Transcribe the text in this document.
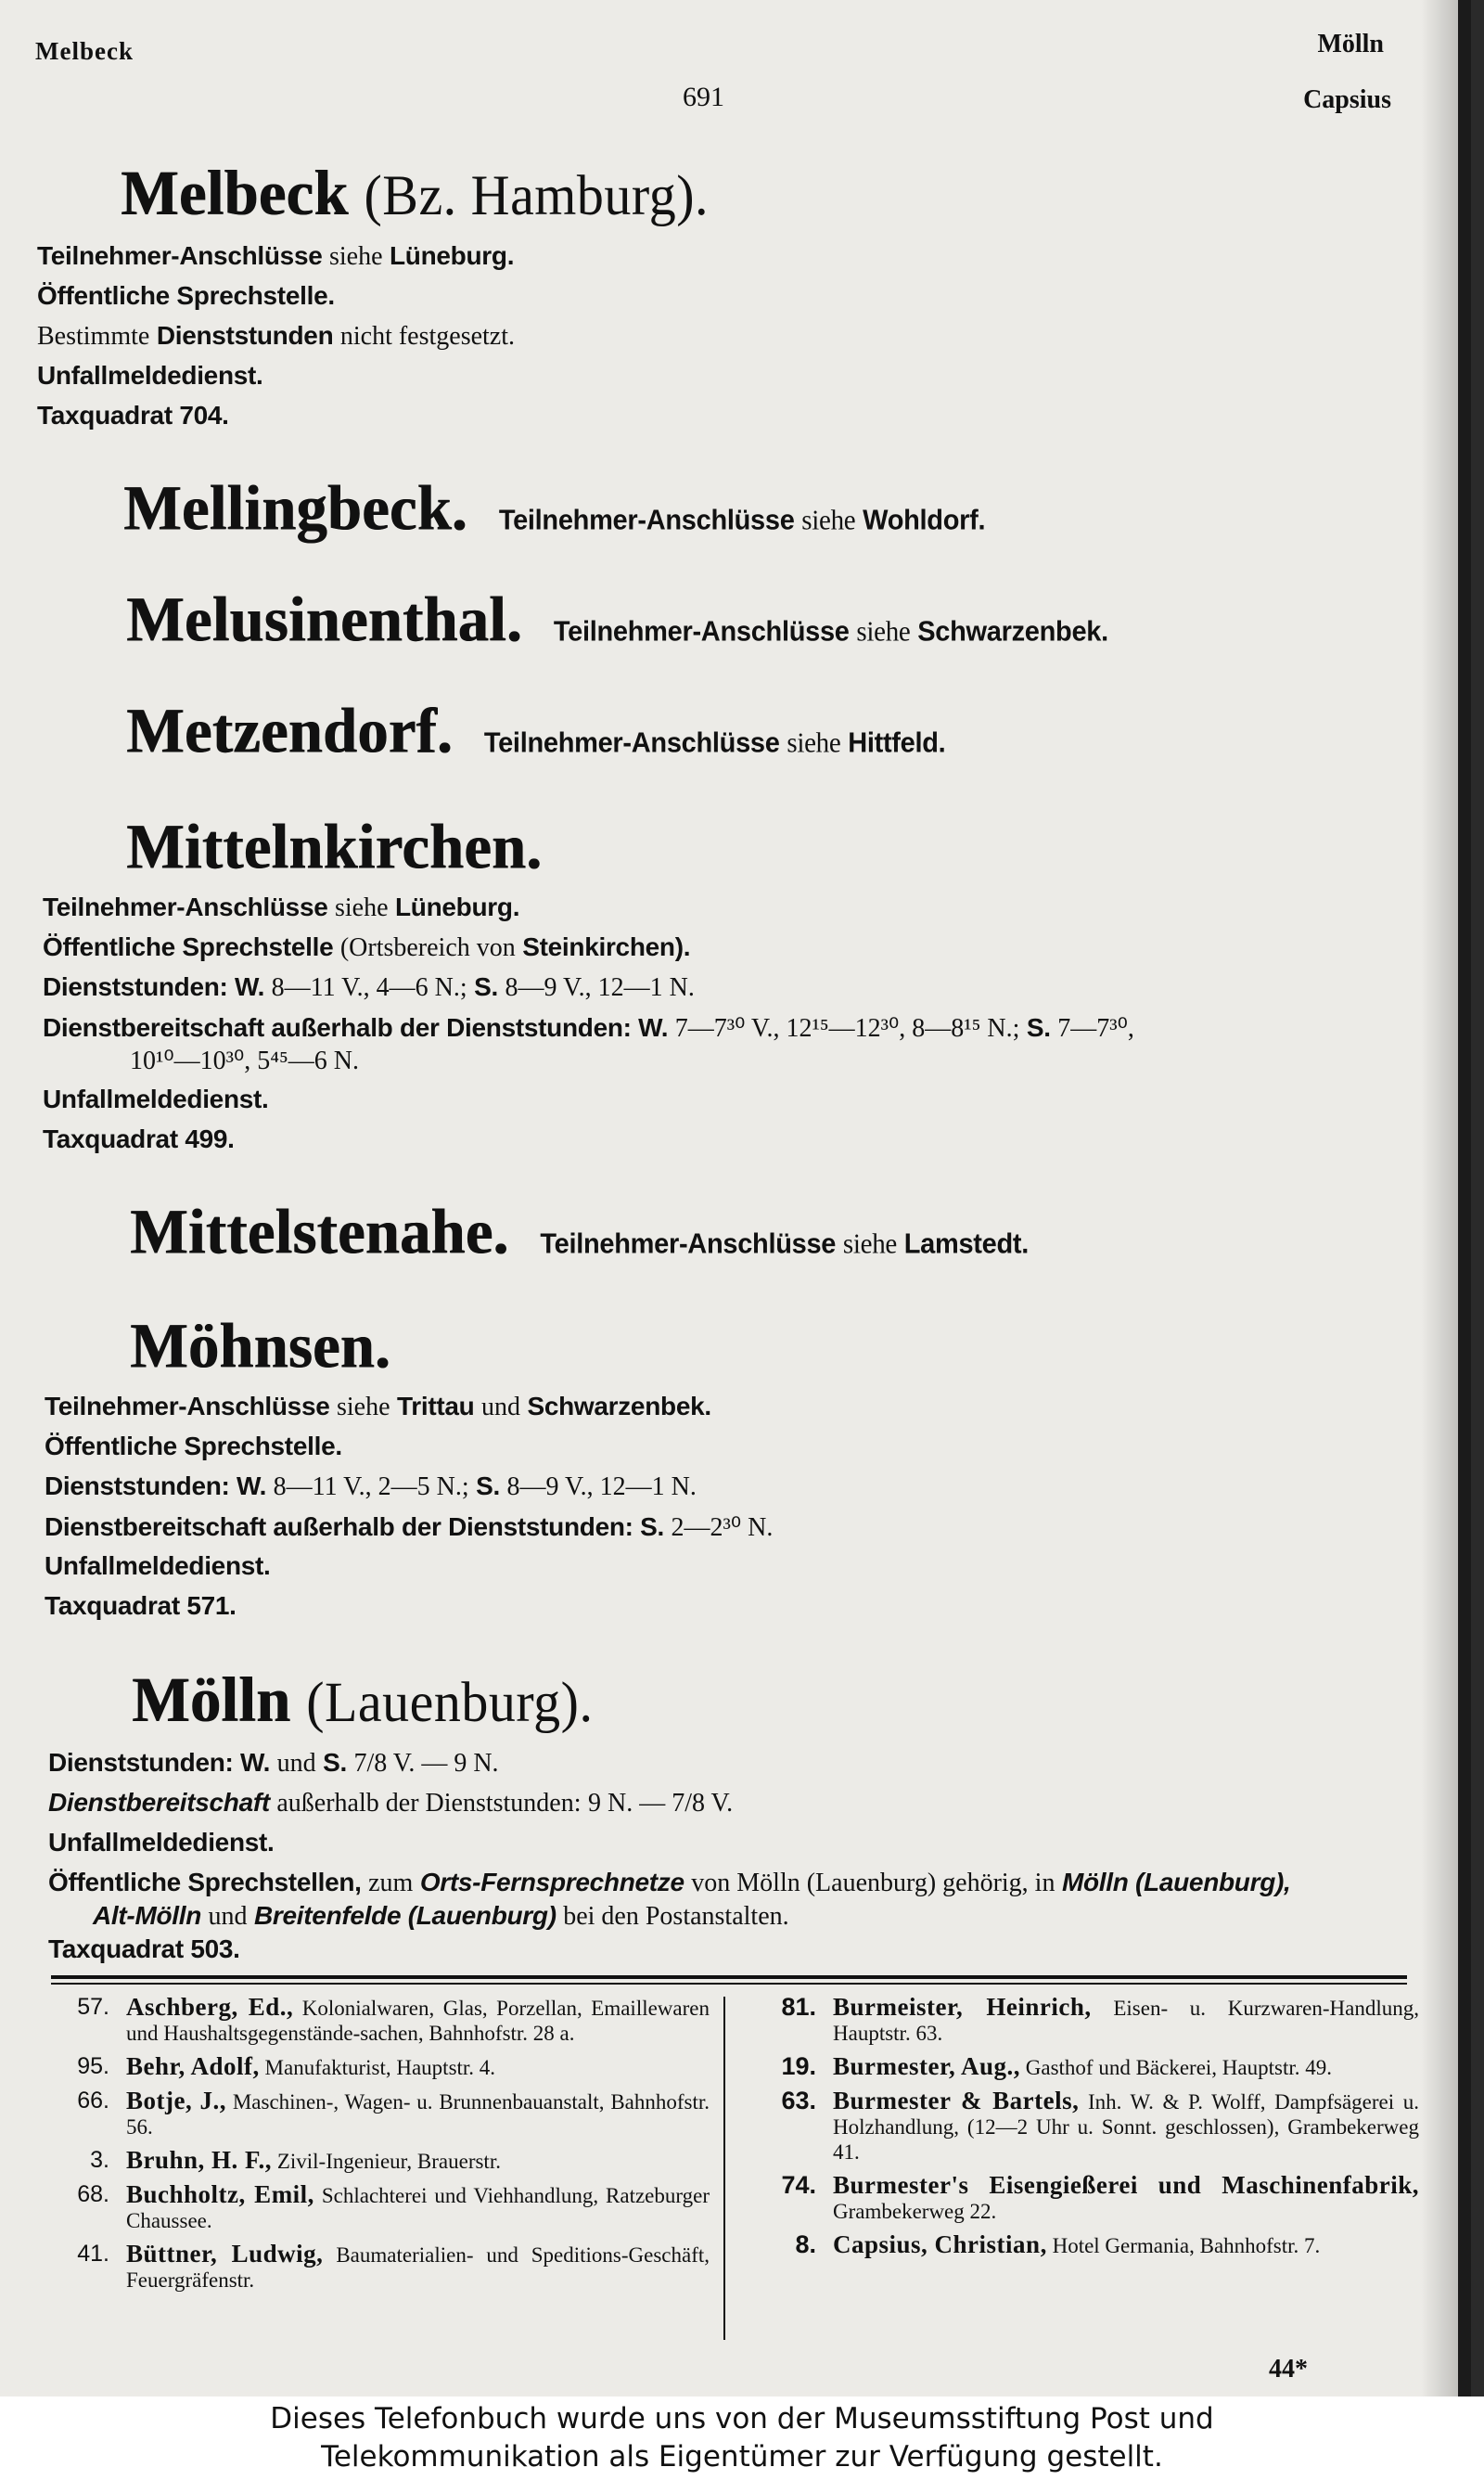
Melbeck
691
Mölln
Capsius
Melbeck (Bz. Hamburg).
Teilnehmer-Anschlüsse siehe Lüneburg.
Öffentliche Sprechstelle.
Bestimmte Dienststunden nicht festgesetzt.
Unfallmeldedienst.
Taxquadrat 704.
Mellingbeck. Teilnehmer-Anschlüsse siehe Wohldorf.
Melusinenthal. Teilnehmer-Anschlüsse siehe Schwarzenbek.
Metzendorf. Teilnehmer-Anschlüsse siehe Hittfeld.
Mittelnkirchen.
Teilnehmer-Anschlüsse siehe Lüneburg.
Öffentliche Sprechstelle (Ortsbereich von Steinkirchen).
Dienststunden: W. 8—11 V., 4—6 N.; S. 8—9 V., 12—1 N.
Dienstbereitschaft außerhalb der Dienststunden: W. 7—7³⁰ V., 12¹⁵—12³⁰, 8—8¹⁵ N.; S. 7—7³⁰,
10¹⁰—10³⁰, 5⁴⁵—6 N.
Unfallmeldedienst.
Taxquadrat 499.
Mittelstenahe. Teilnehmer-Anschlüsse siehe Lamstedt.
Möhnsen.
Teilnehmer-Anschlüsse siehe Trittau und Schwarzenbek.
Öffentliche Sprechstelle.
Dienststunden: W. 8—11 V., 2—5 N.; S. 8—9 V., 12—1 N.
Dienstbereitschaft außerhalb der Dienststunden: S. 2—2³⁰ N.
Unfallmeldedienst.
Taxquadrat 571.
Mölln (Lauenburg).
Dienststunden: W. und S. 7/8 V. — 9 N.
Dienstbereitschaft außerhalb der Dienststunden: 9 N. — 7/8 V.
Unfallmeldedienst.
Öffentliche Sprechstellen, zum Orts-Fernsprechnetze von Mölln (Lauenburg) gehörig, in Mölln (Lauenburg),
Alt-Mölln und Breitenfelde (Lauenburg) bei den Postanstalten.
Taxquadrat 503.
57. Aschberg, Ed., Kolonialwaren, Glas, Porzellan, Emaillewaren und Haushaltsgegenstände-sachen, Bahnhofstr. 28 a.
95. Behr, Adolf, Manufakturist, Hauptstr. 4.
66. Botje, J., Maschinen-, Wagen- u. Brunnenbauanstalt, Bahnhofstr. 56.
3. Bruhn, H. F., Zivil-Ingenieur, Brauerstr.
68. Buchholtz, Emil, Schlachterei und Viehhandlung, Ratzeburger Chaussee.
41. Büttner, Ludwig, Baumaterialien- und Speditions-Geschäft, Feuergräfenstr.
81. Burmeister, Heinrich, Eisen- u. Kurzwaren-Handlung, Hauptstr. 63.
19. Burmester, Aug., Gasthof und Bäckerei, Hauptstr. 49.
63. Burmester & Bartels, Inh. W. & P. Wolff, Dampfsägerei u. Holzhandlung, (12—2 Uhr u. Sonnt. geschlossen), Grambekerweg 41.
74. Burmester's Eisengießerei und Maschinenfabrik, Grambekerweg 22.
8. Capsius, Christian, Hotel Germania, Bahnhofstr. 7.
44*
Dieses Telefonbuch wurde uns von der Museumsstiftung Post und
Telekommunikation als Eigentümer zur Verfügung gestellt.
